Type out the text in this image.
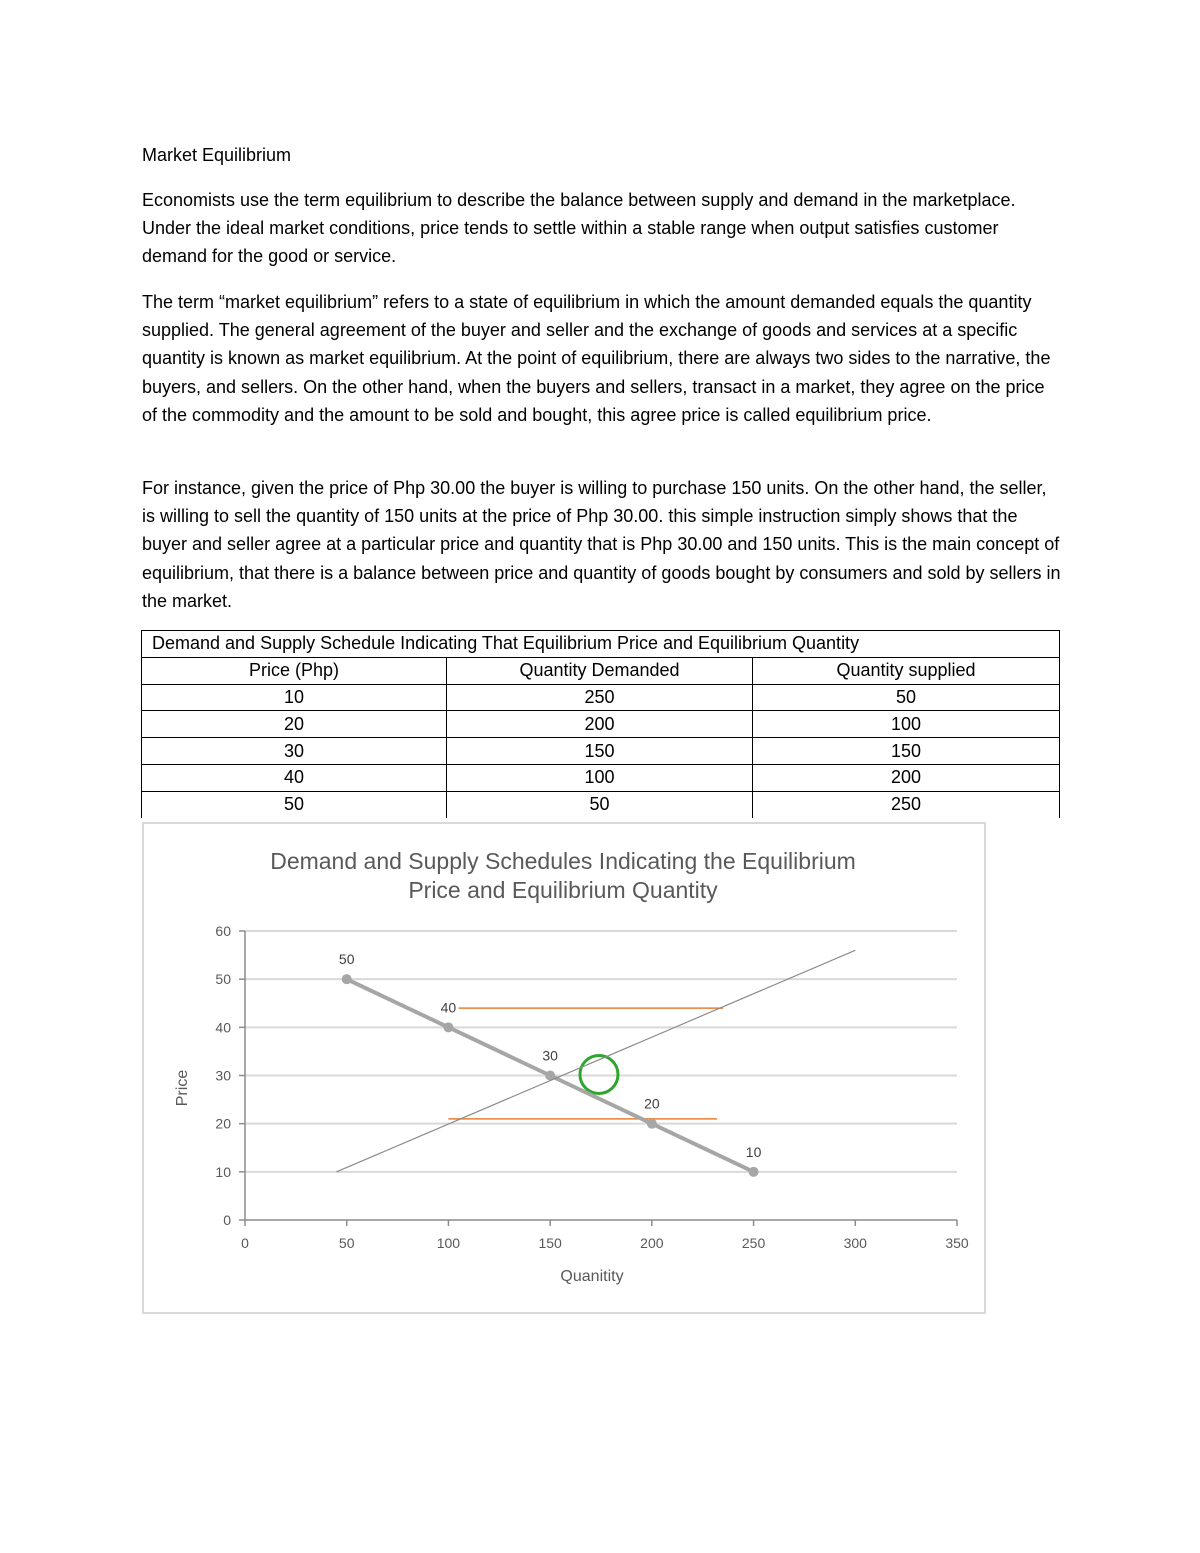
Market Equilibrium

Economists use the term equilibrium to describe the balance between supply and demand in the marketplace. Under the ideal market conditions, price tends to settle within a stable range when output satisfies customer demand for the good or service.

The term “market equilibrium” refers to a state of equilibrium in which the amount demanded equals the quantity supplied. The general agreement of the buyer and seller and the exchange of goods and services at a specific quantity is known as market equilibrium. At the point of equilibrium, there are always two sides to the narrative, the buyers, and sellers. On the other hand, when the buyers and sellers, transact in a market, they agree on the price of the commodity and the amount to be sold and bought, this agree price is called equilibrium price.

For instance, given the price of Php 30.00 the buyer is willing to purchase 150 units. On the other hand, the seller, is willing to sell the quantity of 150 units at the price of Php 30.00. this simple instruction simply shows that the buyer and seller agree at a particular price and quantity that is Php 30.00 and 150 units. This is the main concept of equilibrium, that there is a balance between price and quantity of goods bought by consumers and sold by sellers in the market.

Demand and Supply Schedule Indicating That Equilibrium Price and Equilibrium Quantity		
Price (Php)	Quantity Demanded	Quantity supplied
10	250	50
20	200	100
30	150	150
40	100	200
50	50	250
Demand and Supply Schedules Indicating the Equilibrium
Price and Equilibrium Quantity
0
10
20
30
40
50
60
0	50	100	150	200	250	300	350
50
40
30
20
10
Quanitity
Price
